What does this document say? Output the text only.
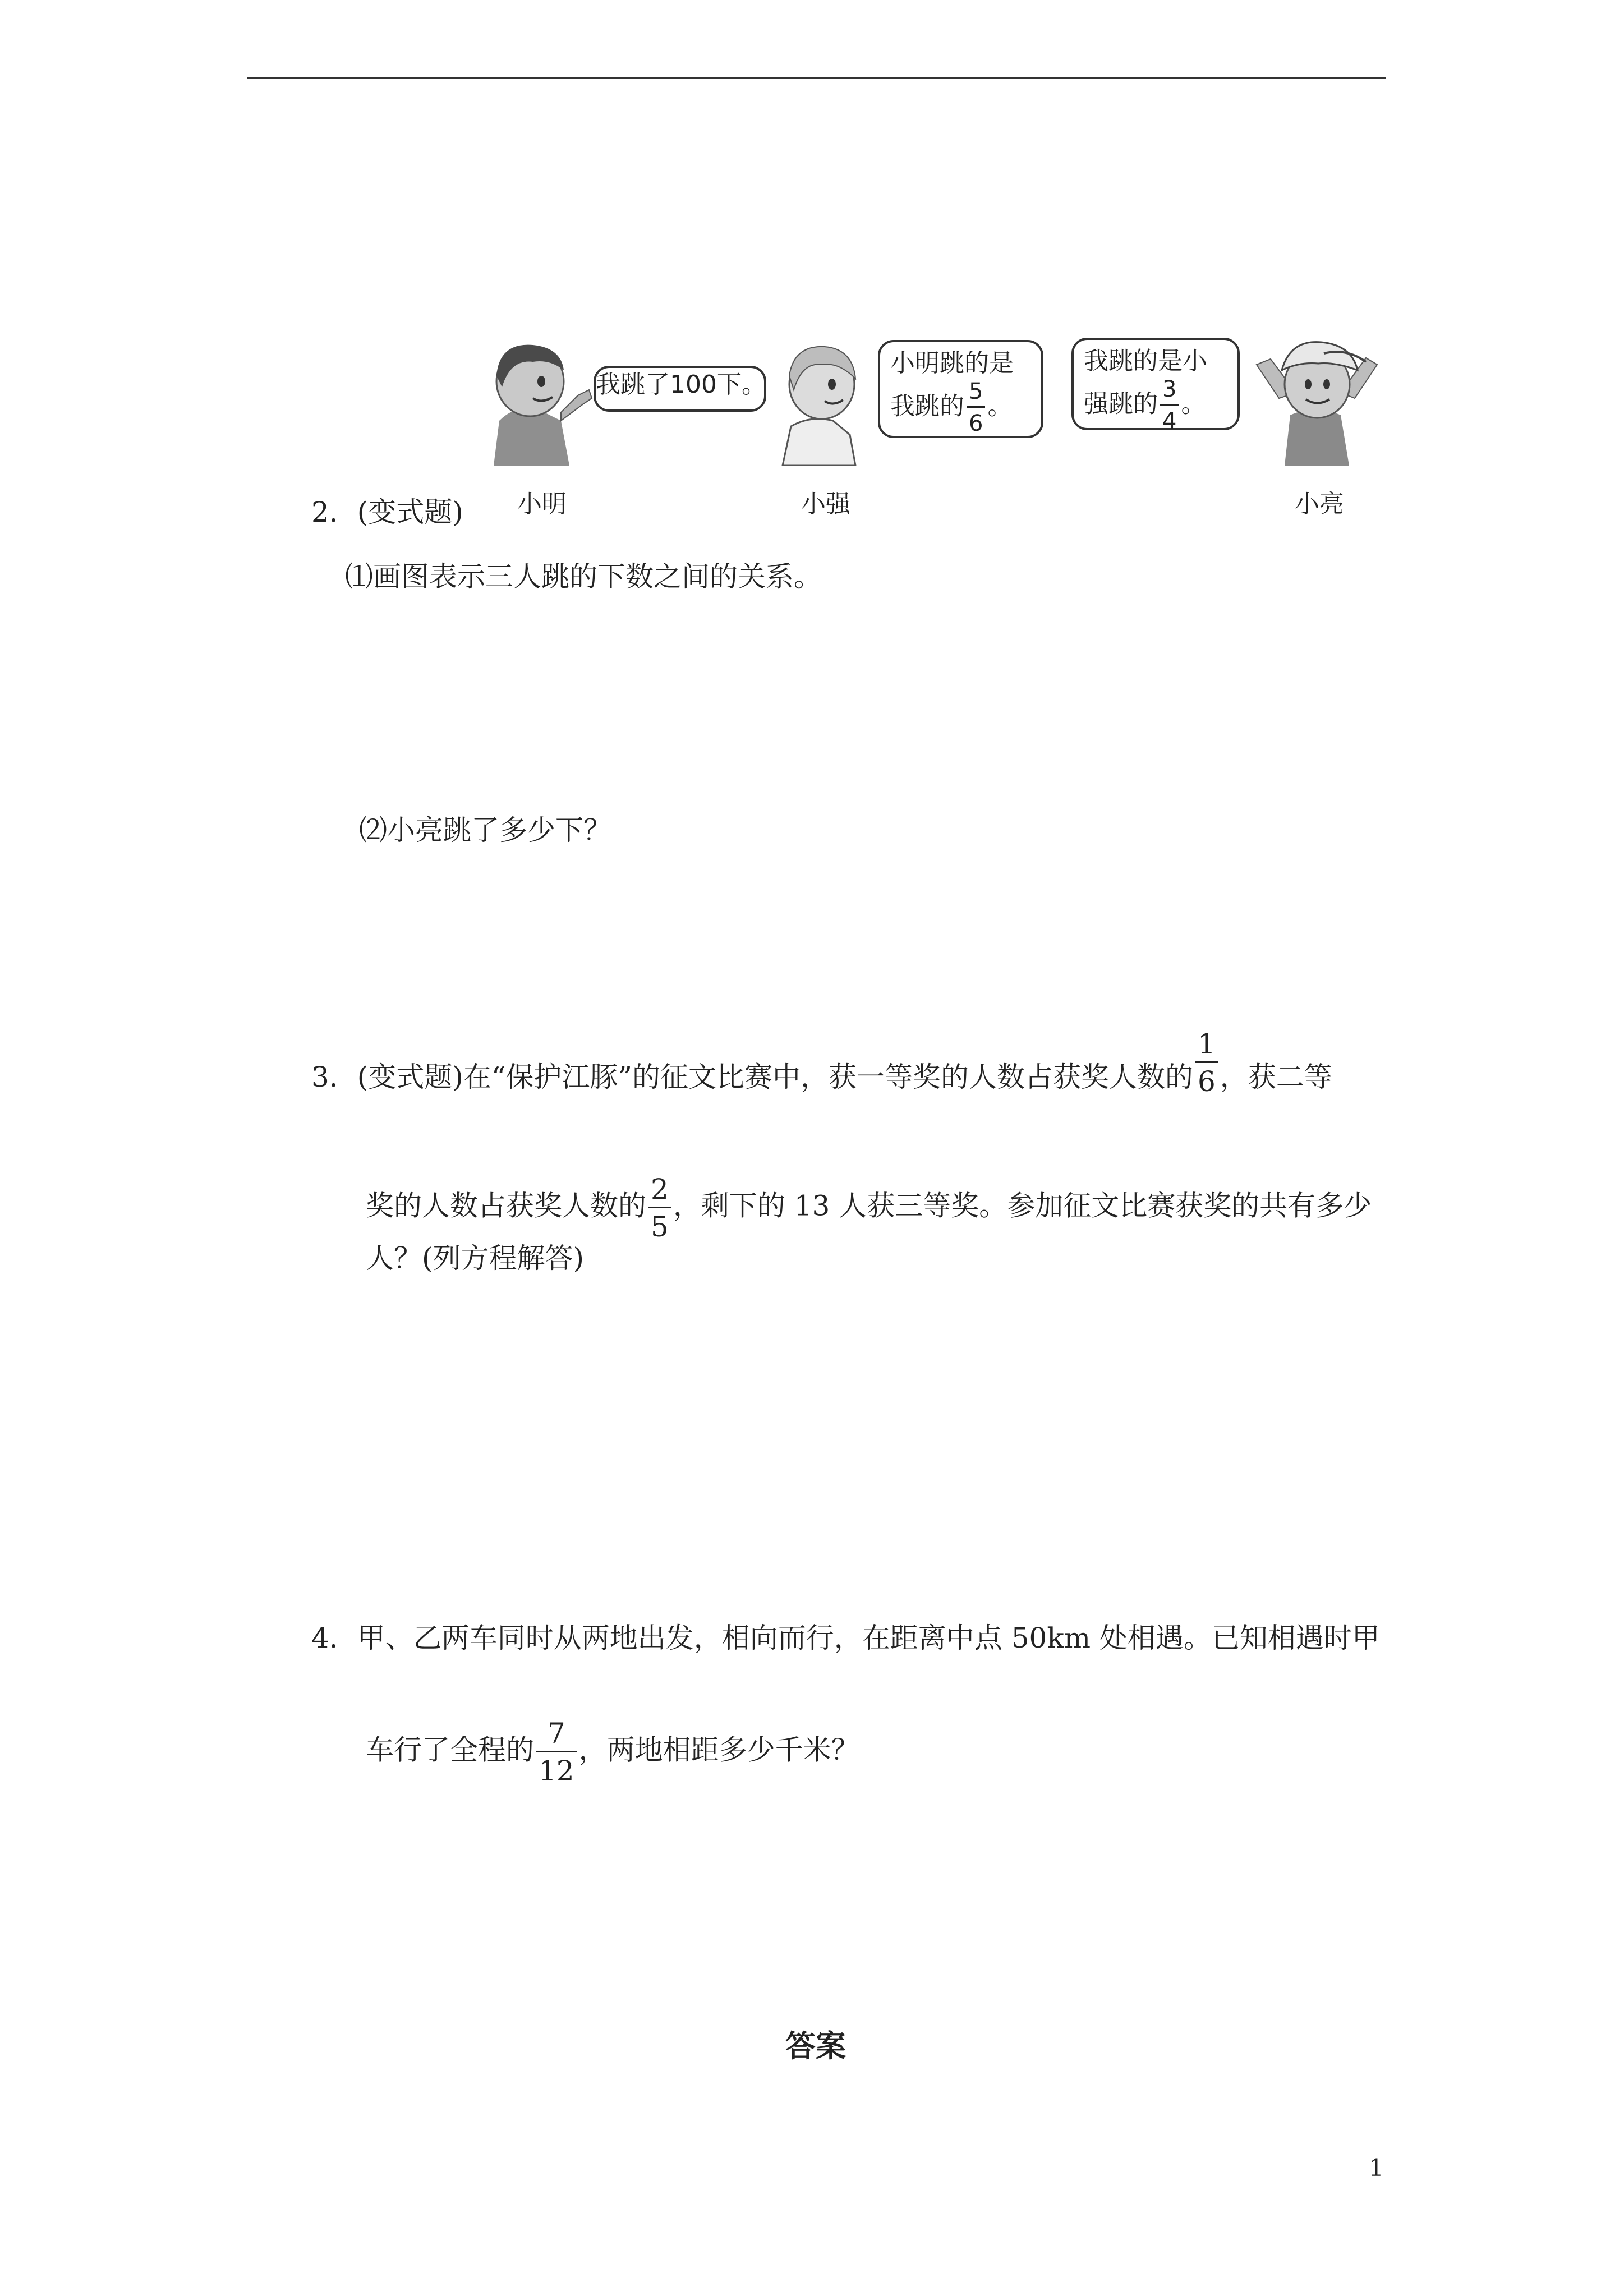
我跳了100下。
小明跳的是
我跳的 $\frac{5}{6}$ 。
我跳的是小
强跳的 $\frac{3}{4}$ 。
小明	小强	小亮
2．(变式题)
⑴画图表示三人跳的下数之间的关系。
⑵小亮跳了多少下？
3．(变式题)在“保护江豚”的征文比赛中，获一等奖的人数占获奖人数的 $\frac{1}{6}$ ，获二等
奖的人数占获奖人数的 $\frac{2}{5}$ ，剩下的 13 人获三等奖。参加征文比赛获奖的共有多少
人？(列方程解答)
4．甲、乙两车同时从两地出发，相向而行，在距离中点 50km 处相遇。已知相遇时甲
车行了全程的 $\frac{7}{12}$ ，两地相距多少千米？
答案
1
